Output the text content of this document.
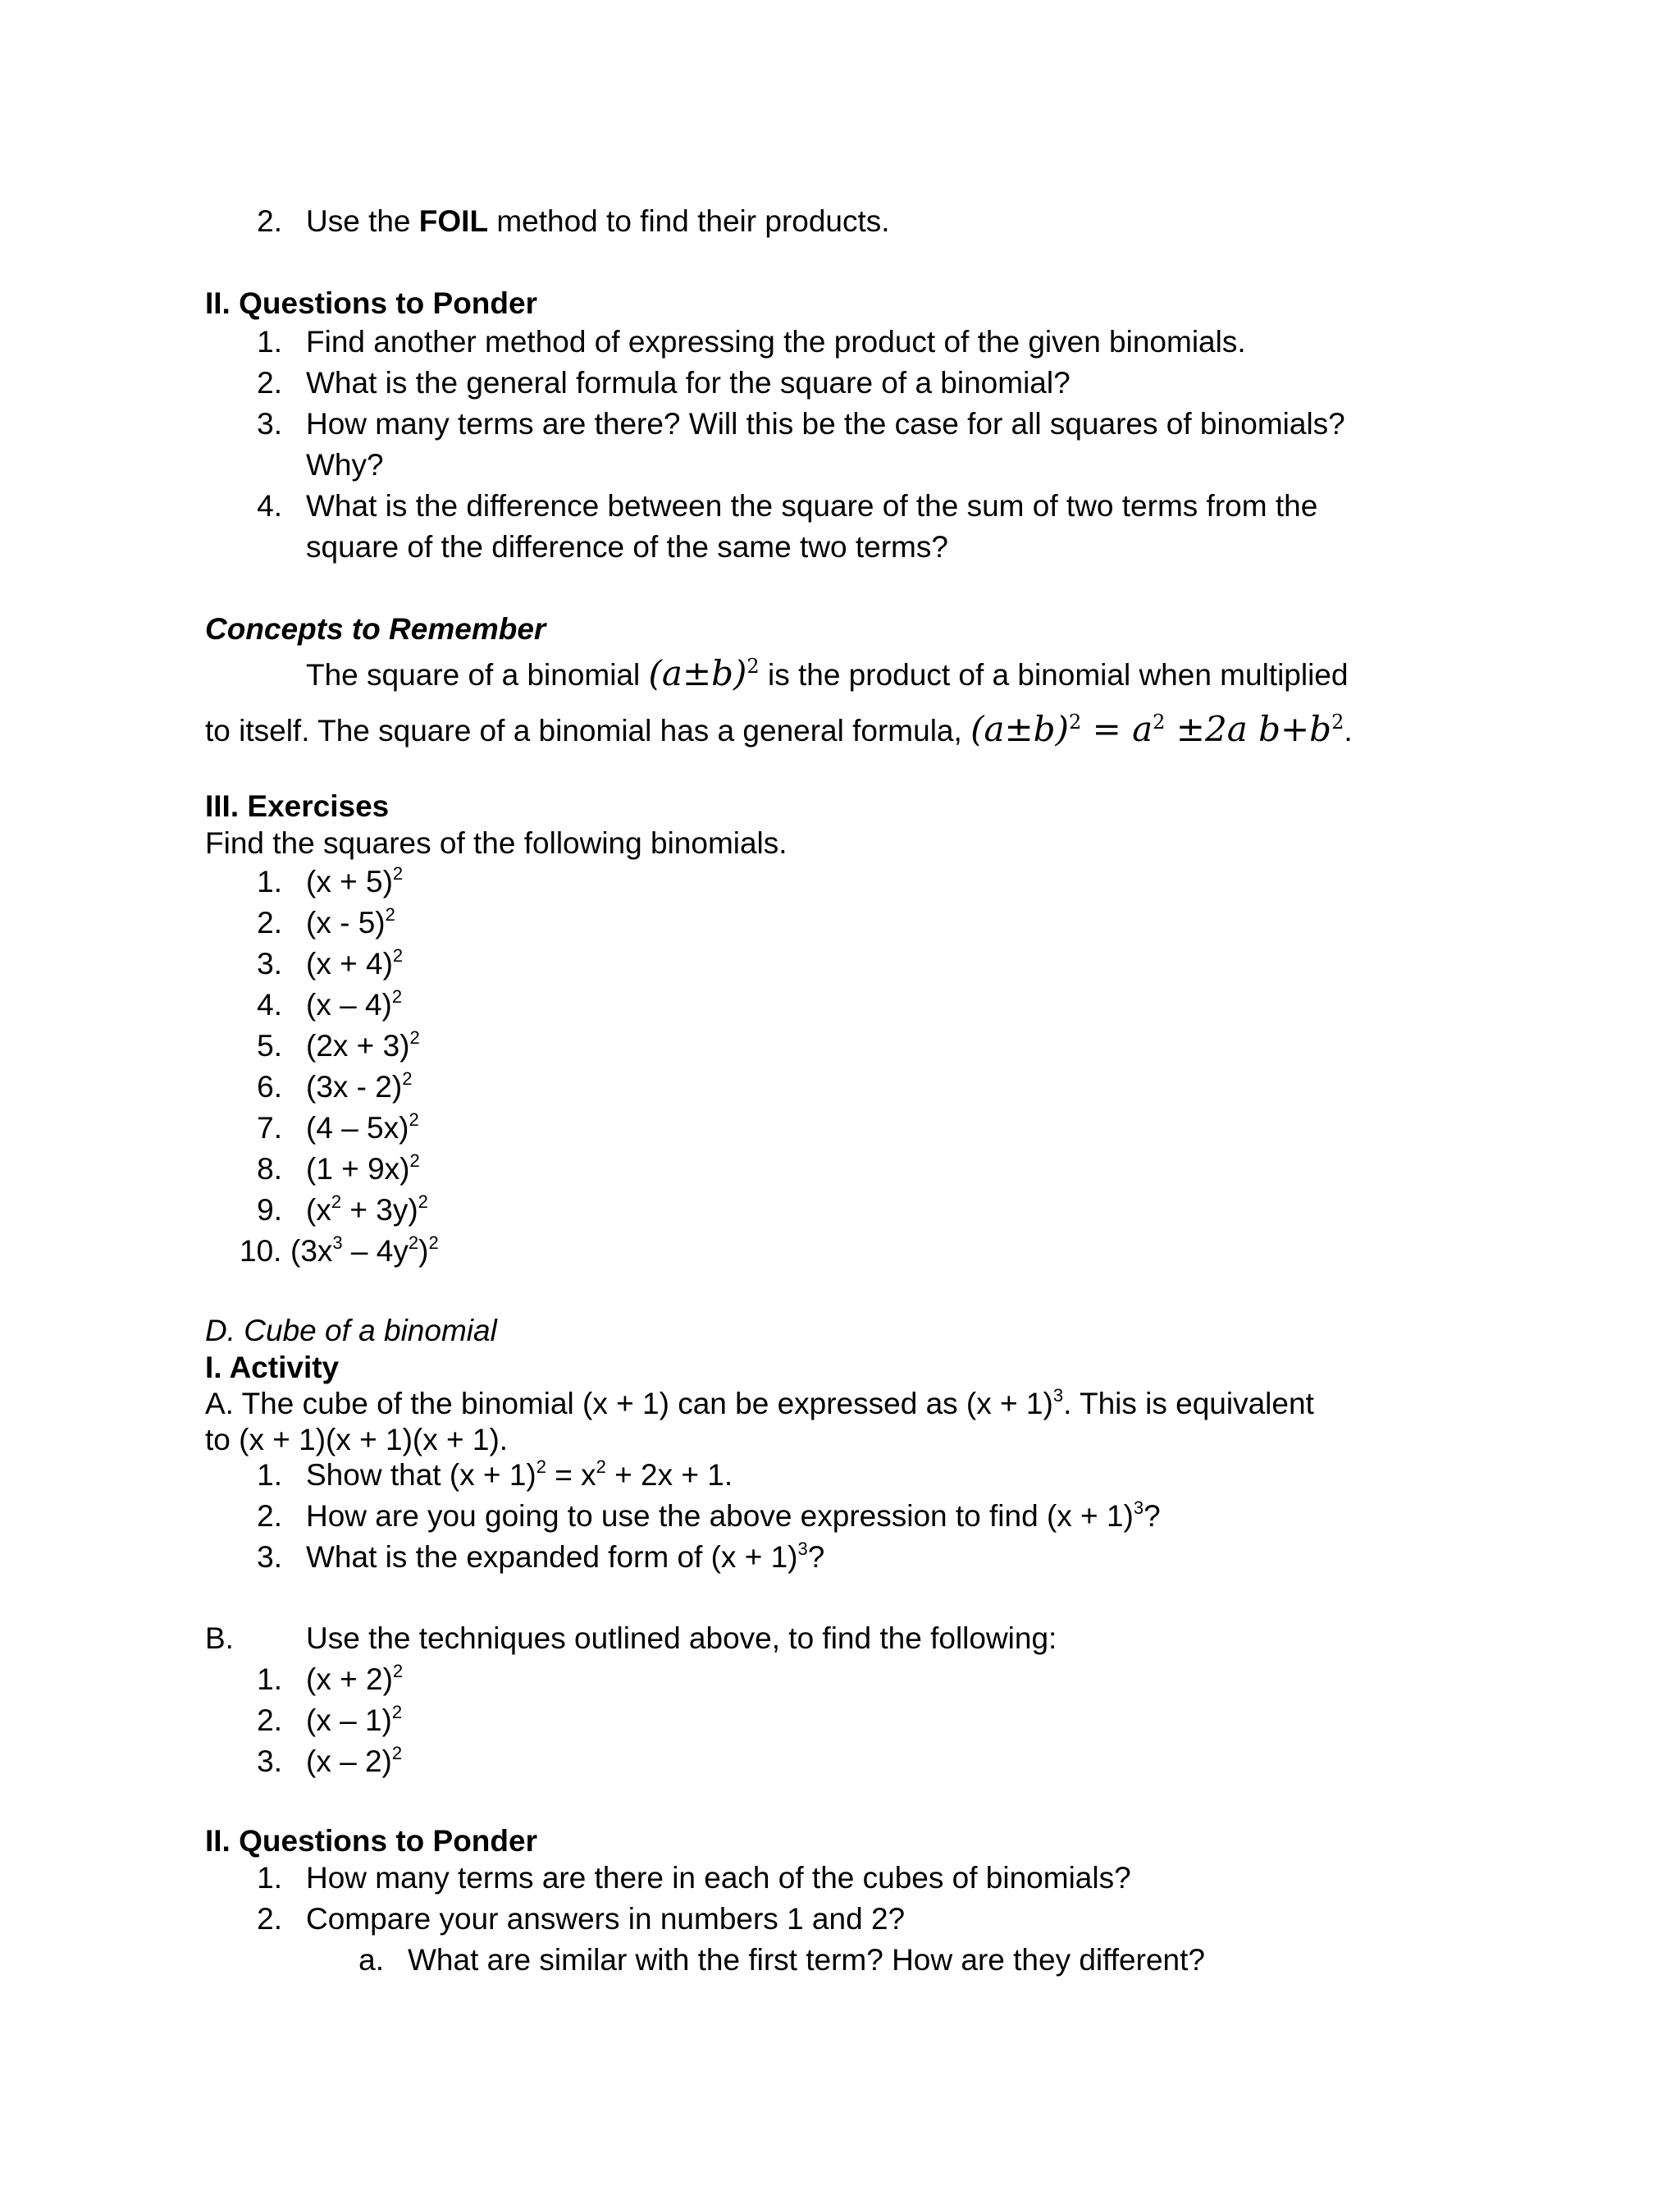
2. Use the FOIL method to find their products.
II. Questions to Ponder
1. Find another method of expressing the product of the given binomials.
2. What is the general formula for the square of a binomial?
3. How many terms are there? Will this be the case for all squares of binomials?
Why?
4. What is the difference between the square of the sum of two terms from the
square of the difference of the same two terms?
Concepts to Remember
The square of a binomial $(a\pm b)^2$ is the product of a binomial when multiplied
to itself. The square of a binomial has a general formula, $(a\pm b)^2 = a^2 \pm 2a$ $b+b^2$.
III. Exercises
Find the squares of the following binomials.
1. $(x + 5)^2$
2. (x - 5)$^2$
3. $(x + 4)^2$
4. (x – 4)$^2$
5. $(2x + 3)^2$
6. (3x - 2)$^2$
7. (4 – 5x)$^2$
8. $(1 + 9x)^2$
9. $(x^2 + 3y)^2$
10. $(3x^3 - 4y^2)^2$
D. Cube of a binomial
I. Activity
A. The cube of the binomial (x + 1) can be expressed as $(x + 1)^3$. This is equivalent
to (x + 1)(x + 1)(x + 1).
1. Show that $(x + 1)^2 = x^2 + 2x + 1$.
2. How are you going to use the above expression to find $(x + 1)^3$?
3. What is the expanded form of $(x + 1)^3$?
B. Use the techniques outlined above, to find the following:
1. $(x + 2)^2$
2. (x – 1)$^2$
3. (x – 2)$^2$
II. Questions to Ponder
1. How many terms are there in each of the cubes of binomials?
2. Compare your answers in numbers 1 and 2?
a. What are similar with the first term? How are they different?
